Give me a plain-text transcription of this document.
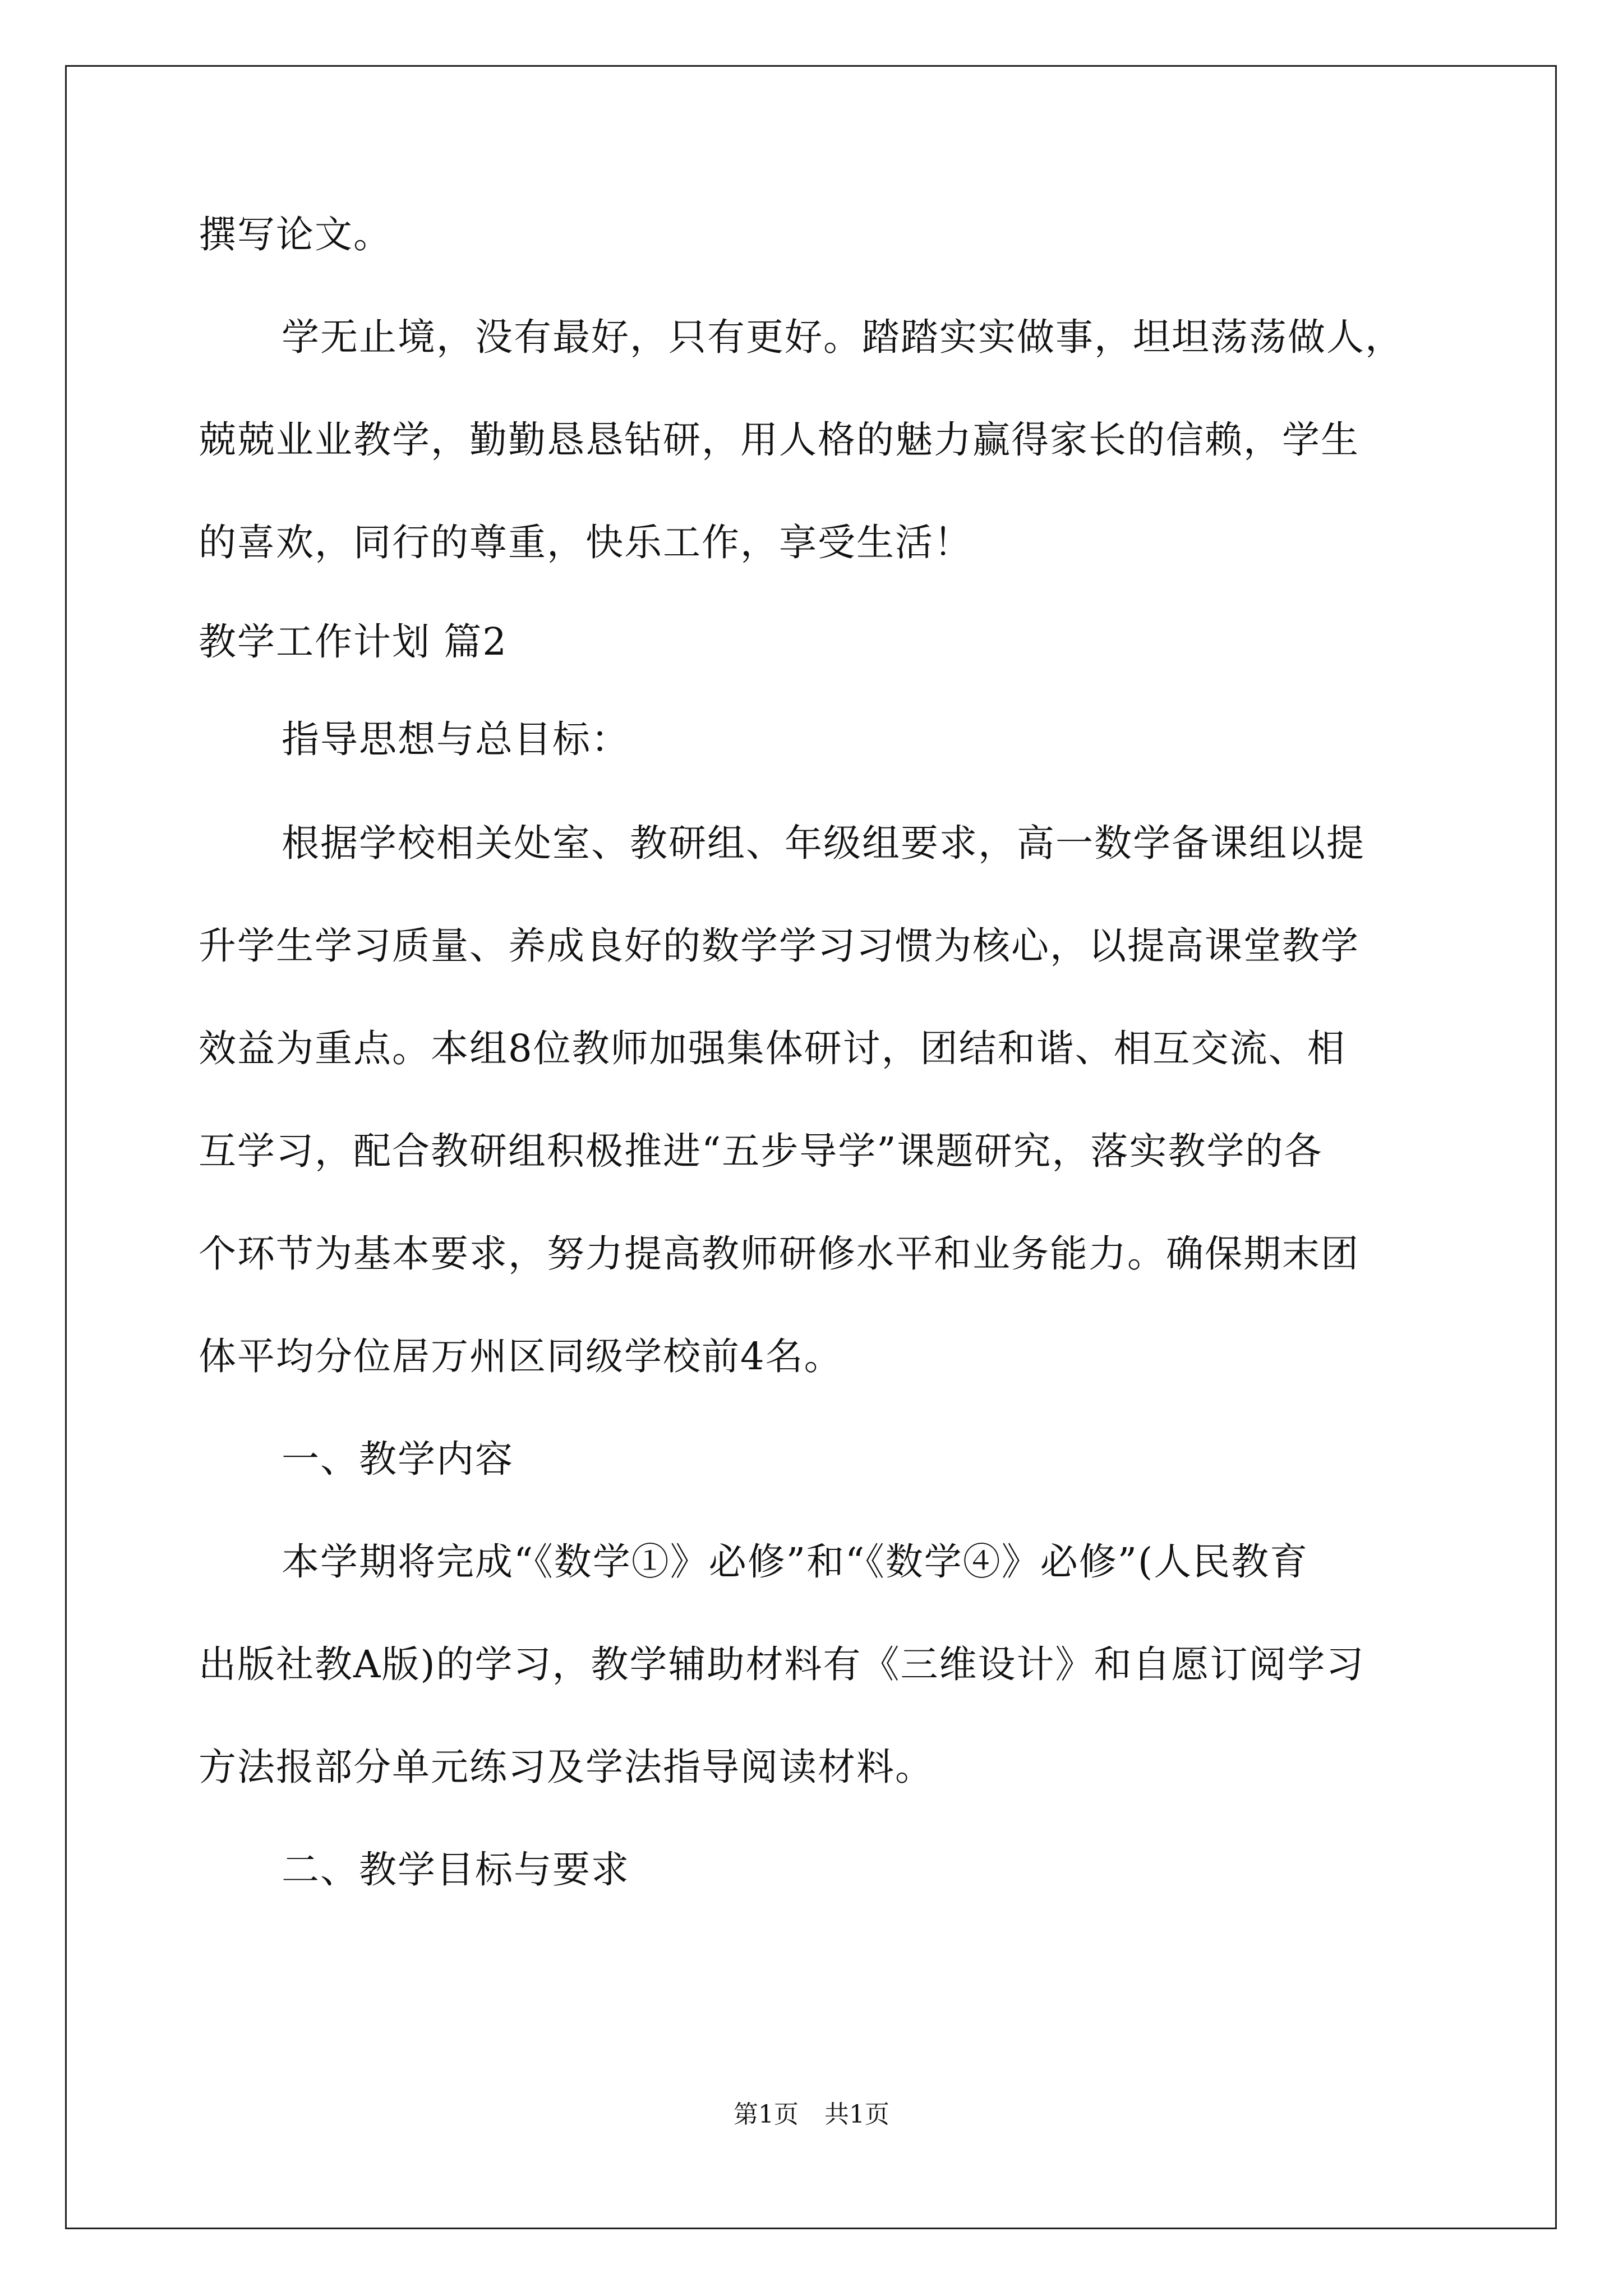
撰写论文。
学无止境，没有最好，只有更好。踏踏实实做事，坦坦荡荡做人，
兢兢业业教学，勤勤恳恳钻研，用人格的魅力赢得家长的信赖，学生
的喜欢，同行的尊重，快乐工作，享受生活！
教学工作计划 篇2
指导思想与总目标：
根据学校相关处室、教研组、年级组要求，高一数学备课组以提
升学生学习质量、养成良好的数学学习习惯为核心，以提高课堂教学
效益为重点。本组8位教师加强集体研讨，团结和谐、相互交流、相
互学习，配合教研组积极推进“五步导学”课题研究，落实教学的各
个环节为基本要求，努力提高教师研修水平和业务能力。确保期末团
体平均分位居万州区同级学校前4名。
一、教学内容
本学期将完成“《数学①》必修”和“《数学④》必修”(人民教育
出版社教A版)的学习，教学辅助材料有《三维设计》和自愿订阅学习
方法报部分单元练习及学法指导阅读材料。
二、教学目标与要求
第1页 共1页
